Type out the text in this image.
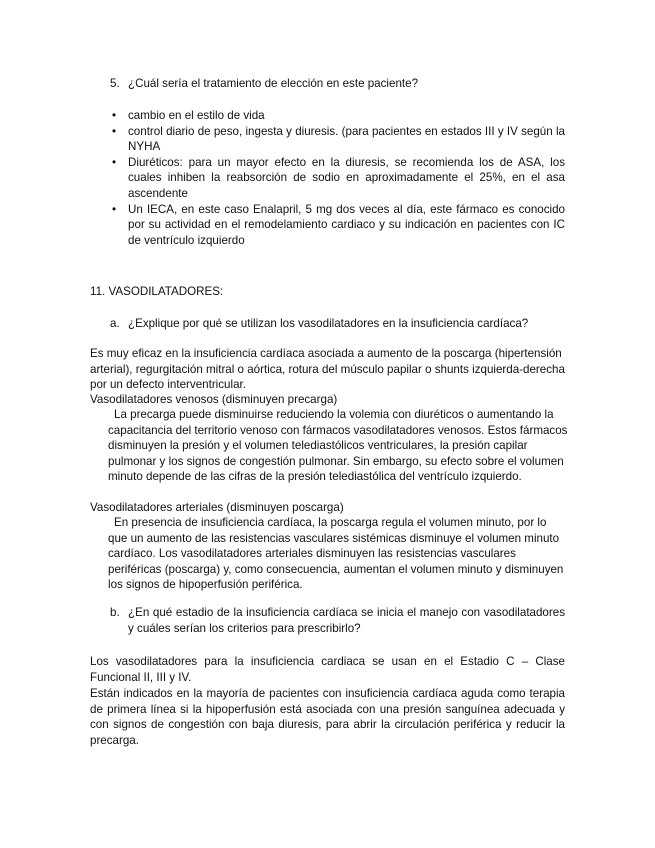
5. ¿Cuál sería el tratamiento de elección en este paciente?

• cambio en el estilo de vida
• control diario de peso, ingesta y diuresis. (para pacientes en estados III y IV según la NYHA
• Diuréticos: para un mayor efecto en la diuresis, se recomienda los de ASA, los cuales inhiben la reabsorción de sodio en aproximadamente el 25%, en el asa ascendente
• Un IECA, en este caso Enalapril, 5 mg dos veces al día, este fármaco es conocido por su actividad en el remodelamiento cardiaco y su indicación en pacientes con IC de ventrículo izquierdo

11. VASODILATADORES:

a. ¿Explique por qué se utilizan los vasodilatadores en la insuficiencia cardíaca?

Es muy eficaz en la insuficiencia cardíaca asociada a aumento de la poscarga (hipertensión arterial), regurgitación mitral o aórtica, rotura del músculo papilar o shunts izquierda-derecha por un defecto interventricular.

Vasodilatadores venosos (disminuyen precarga)

La precarga puede disminuirse reduciendo la volemia con diuréticos o aumentando la capacitancia del territorio venoso con fármacos vasodilatadores venosos. Estos fármacos disminuyen la presión y el volumen telediastólicos ventriculares, la presión capilar pulmonar y los signos de congestión pulmonar. Sin embargo, su efecto sobre el volumen minuto depende de las cifras de la presión telediastólica del ventrículo izquierdo.

Vasodilatadores arteriales (disminuyen poscarga)

En presencia de insuficiencia cardíaca, la poscarga regula el volumen minuto, por lo que un aumento de las resistencias vasculares sistémicas disminuye el volumen minuto cardíaco. Los vasodilatadores arteriales disminuyen las resistencias vasculares periféricas (poscarga) y, como consecuencia, aumentan el volumen minuto y disminuyen los signos de hipoperfusión periférica.

b. ¿En qué estadio de la insuficiencia cardíaca se inicia el manejo con vasodilatadores y cuáles serían los criterios para prescribirlo?

Los vasodilatadores para la insuficiencia cardiaca se usan en el Estadio C – Clase Funcional II, III y IV.

Están indicados en la mayoría de pacientes con insuficiencia cardíaca aguda como terapia de primera línea si la hipoperfusión está asociada con una presión sanguínea adecuada y con signos de congestión con baja diuresis, para abrir la circulación periférica y reducir la precarga.
